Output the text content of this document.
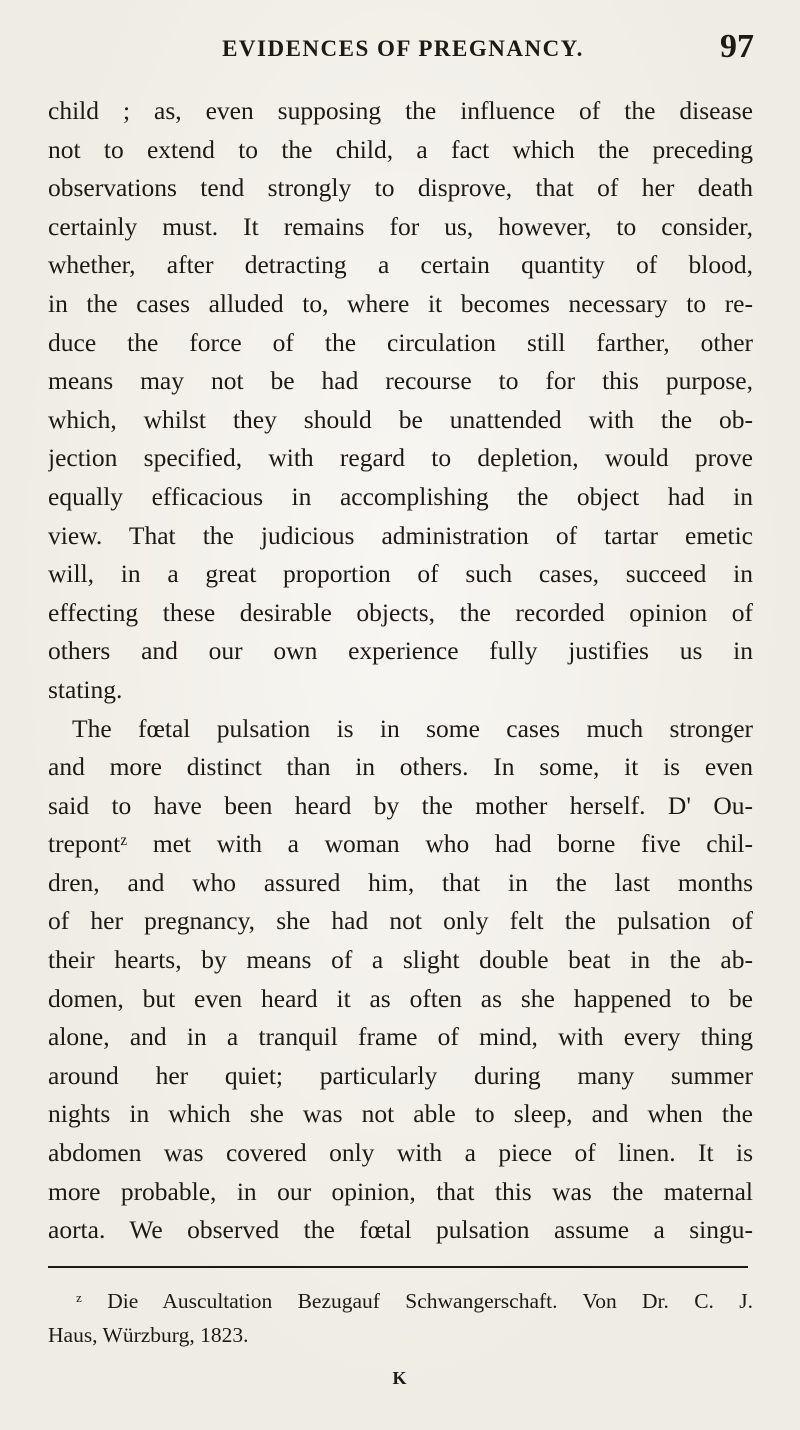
EVIDENCES OF PREGNANCY.	97
child ; as, even supposing the influence of the disease
not to extend to the child, a fact which the preceding
observations tend strongly to disprove, that of her death
certainly must. It remains for us, however, to consider,
whether, after detracting a certain quantity of blood,
in the cases alluded to, where it becomes necessary to re-
duce the force of the circulation still farther, other
means may not be had recourse to for this purpose,
which, whilst they should be unattended with the ob-
jection specified, with regard to depletion, would prove
equally efficacious in accomplishing the object had in
view. That the judicious administration of tartar emetic
will, in a great proportion of such cases, succeed in
effecting these desirable objects, the recorded opinion of
others and our own experience fully justifies us in
stating.
The fœtal pulsation is in some cases much stronger
and more distinct than in others. In some, it is even
said to have been heard by the mother herself. D' Ou-
trepontᶻ met with a woman who had borne five chil-
dren, and who assured him, that in the last months
of her pregnancy, she had not only felt the pulsation of
their hearts, by means of a slight double beat in the ab-
domen, but even heard it as often as she happened to be
alone, and in a tranquil frame of mind, with every thing
around her quiet; particularly during many summer
nights in which she was not able to sleep, and when the
abdomen was covered only with a piece of linen. It is
more probable, in our opinion, that this was the maternal
aorta. We observed the fœtal pulsation assume a singu-
ᶻ Die Auscultation Bezugauf Schwangerschaft. Von Dr. C. J.
Haus, Würzburg, 1823.
K
